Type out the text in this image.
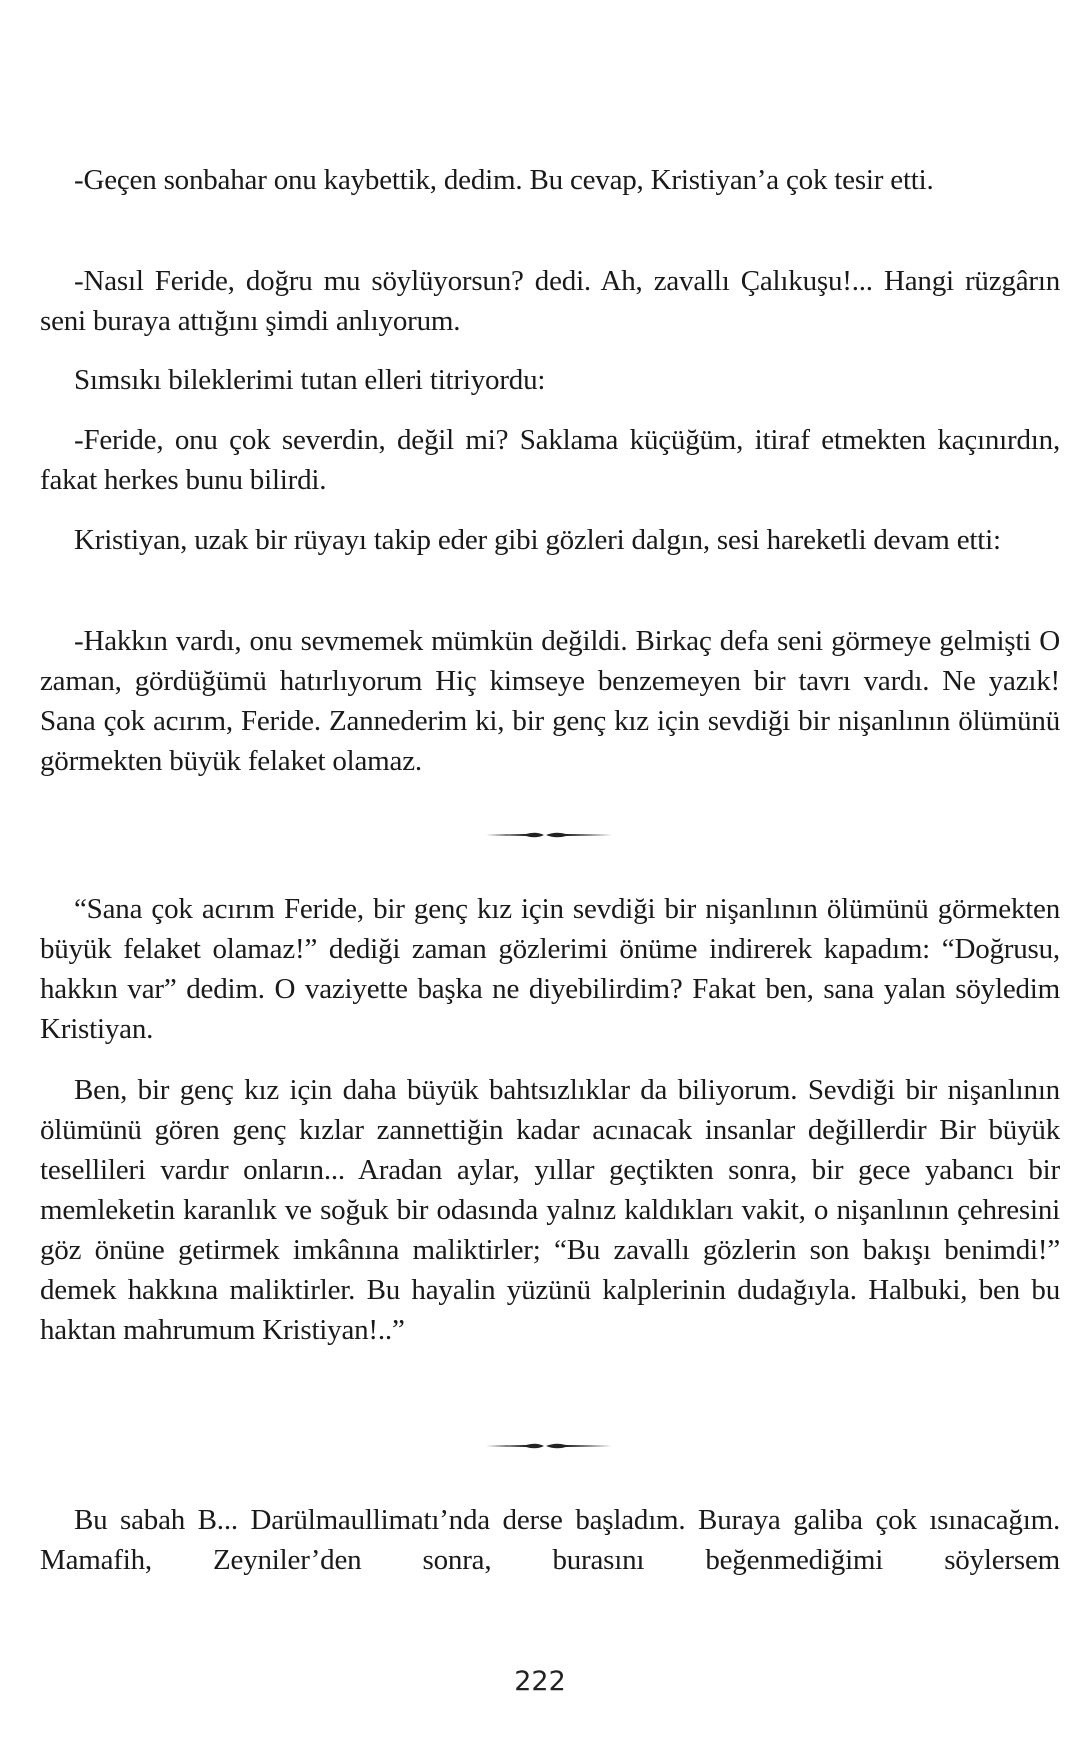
-Geçen sonbahar onu kaybettik, dedim. Bu cevap, Kristiyan’a çok tesir etti.

-Nasıl Feride, doğru mu söylüyorsun? dedi. Ah, zavallı Çalıkuşu!... Hangi rüzgârın seni buraya attığını şimdi anlıyorum.

Sımsıkı bileklerimi tutan elleri titriyordu:

-Feride, onu çok severdin, değil mi? Saklama küçüğüm, itiraf etmekten kaçınırdın, fakat herkes bunu bilirdi.

Kristiyan, uzak bir rüyayı takip eder gibi gözleri dalgın, sesi hareketli devam etti:

-Hakkın vardı, onu sevmemek mümkün değildi. Birkaç defa seni görmeye gelmişti O zaman, gördüğümü hatırlıyorum Hiç kimseye benzemeyen bir tavrı vardı. Ne yazık! Sana çok acırım, Feride. Zannederim ki, bir genç kız için sevdiği bir nişanlının ölümünü görmekten büyük felaket olamaz.

“Sana çok acırım Feride, bir genç kız için sevdiği bir nişanlının ölümünü görmekten büyük felaket olamaz!” dediği zaman gözlerimi önüme indirerek kapadım: “Doğrusu, hakkın var” dedim. O vaziyette başka ne diyebilirdim? Fakat ben, sana yalan söyledim Kristiyan.

Ben, bir genç kız için daha büyük bahtsızlıklar da biliyorum. Sevdiği bir nişanlının ölümünü gören genç kızlar zannettiğin kadar acınacak insanlar değillerdir Bir büyük tesellileri vardır onların... Aradan aylar, yıllar geçtikten sonra, bir gece yabancı bir memleketin karanlık ve soğuk bir odasında yalnız kaldıkları vakit, o nişanlının çehresini göz önüne getirmek imkânına maliktirler; “Bu zavallı gözlerin son bakışı benimdi!” demek hakkına maliktirler. Bu hayalin yüzünü kalplerinin dudağıyla. Halbuki, ben bu haktan mahrumum Kristiyan!..”

Bu sabah B... Darülmaullimatı’nda derse başladım. Buraya galiba çok ısınacağım. Mamafih, Zeyniler’den sonra, burasını beğenmediğimi söylersem

222
